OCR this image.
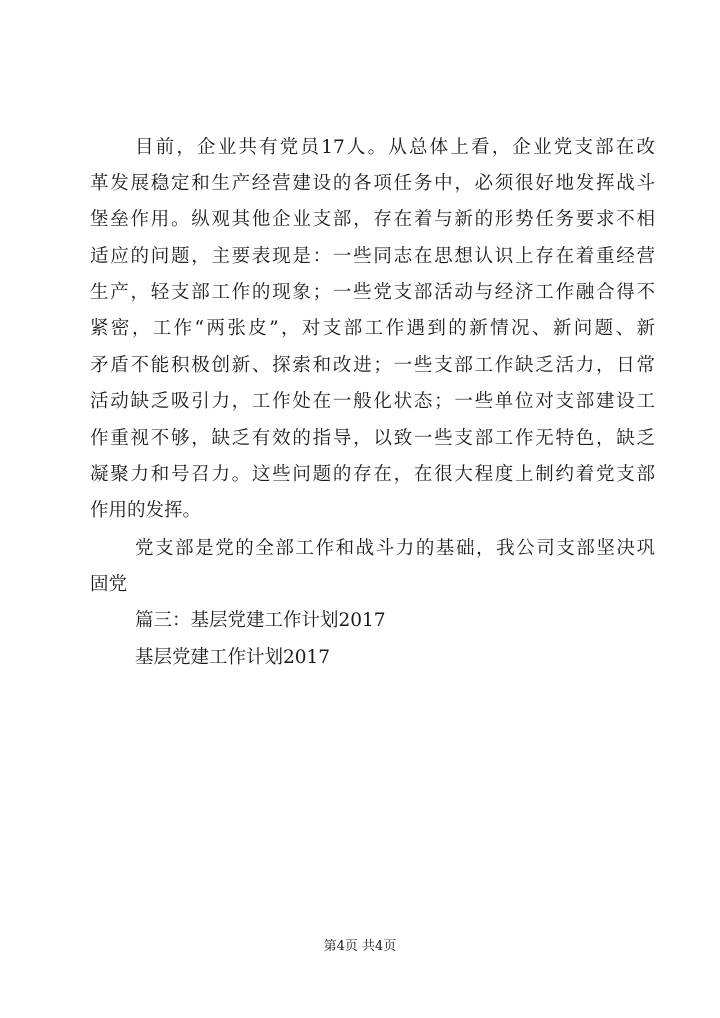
目前，企业共有党员17人。从总体上看，企业党支部在改
革发展稳定和生产经营建设的各项任务中，必须很好地发挥战斗
堡垒作用。纵观其他企业支部，存在着与新的形势任务要求不相
适应的问题，主要表现是：一些同志在思想认识上存在着重经营
生产，轻支部工作的现象；一些党支部活动与经济工作融合得不
紧密，工作“两张皮”，对支部工作遇到的新情况、新问题、新
矛盾不能积极创新、探索和改进；一些支部工作缺乏活力，日常
活动缺乏吸引力，工作处在一般化状态；一些单位对支部建设工
作重视不够，缺乏有效的指导，以致一些支部工作无特色，缺乏
凝聚力和号召力。这些问题的存在，在很大程度上制约着党支部
作用的发挥。
党支部是党的全部工作和战斗力的基础，我公司支部坚决巩
固党
篇三：基层党建工作计划2017
基层党建工作计划2017
第4页 共4页
